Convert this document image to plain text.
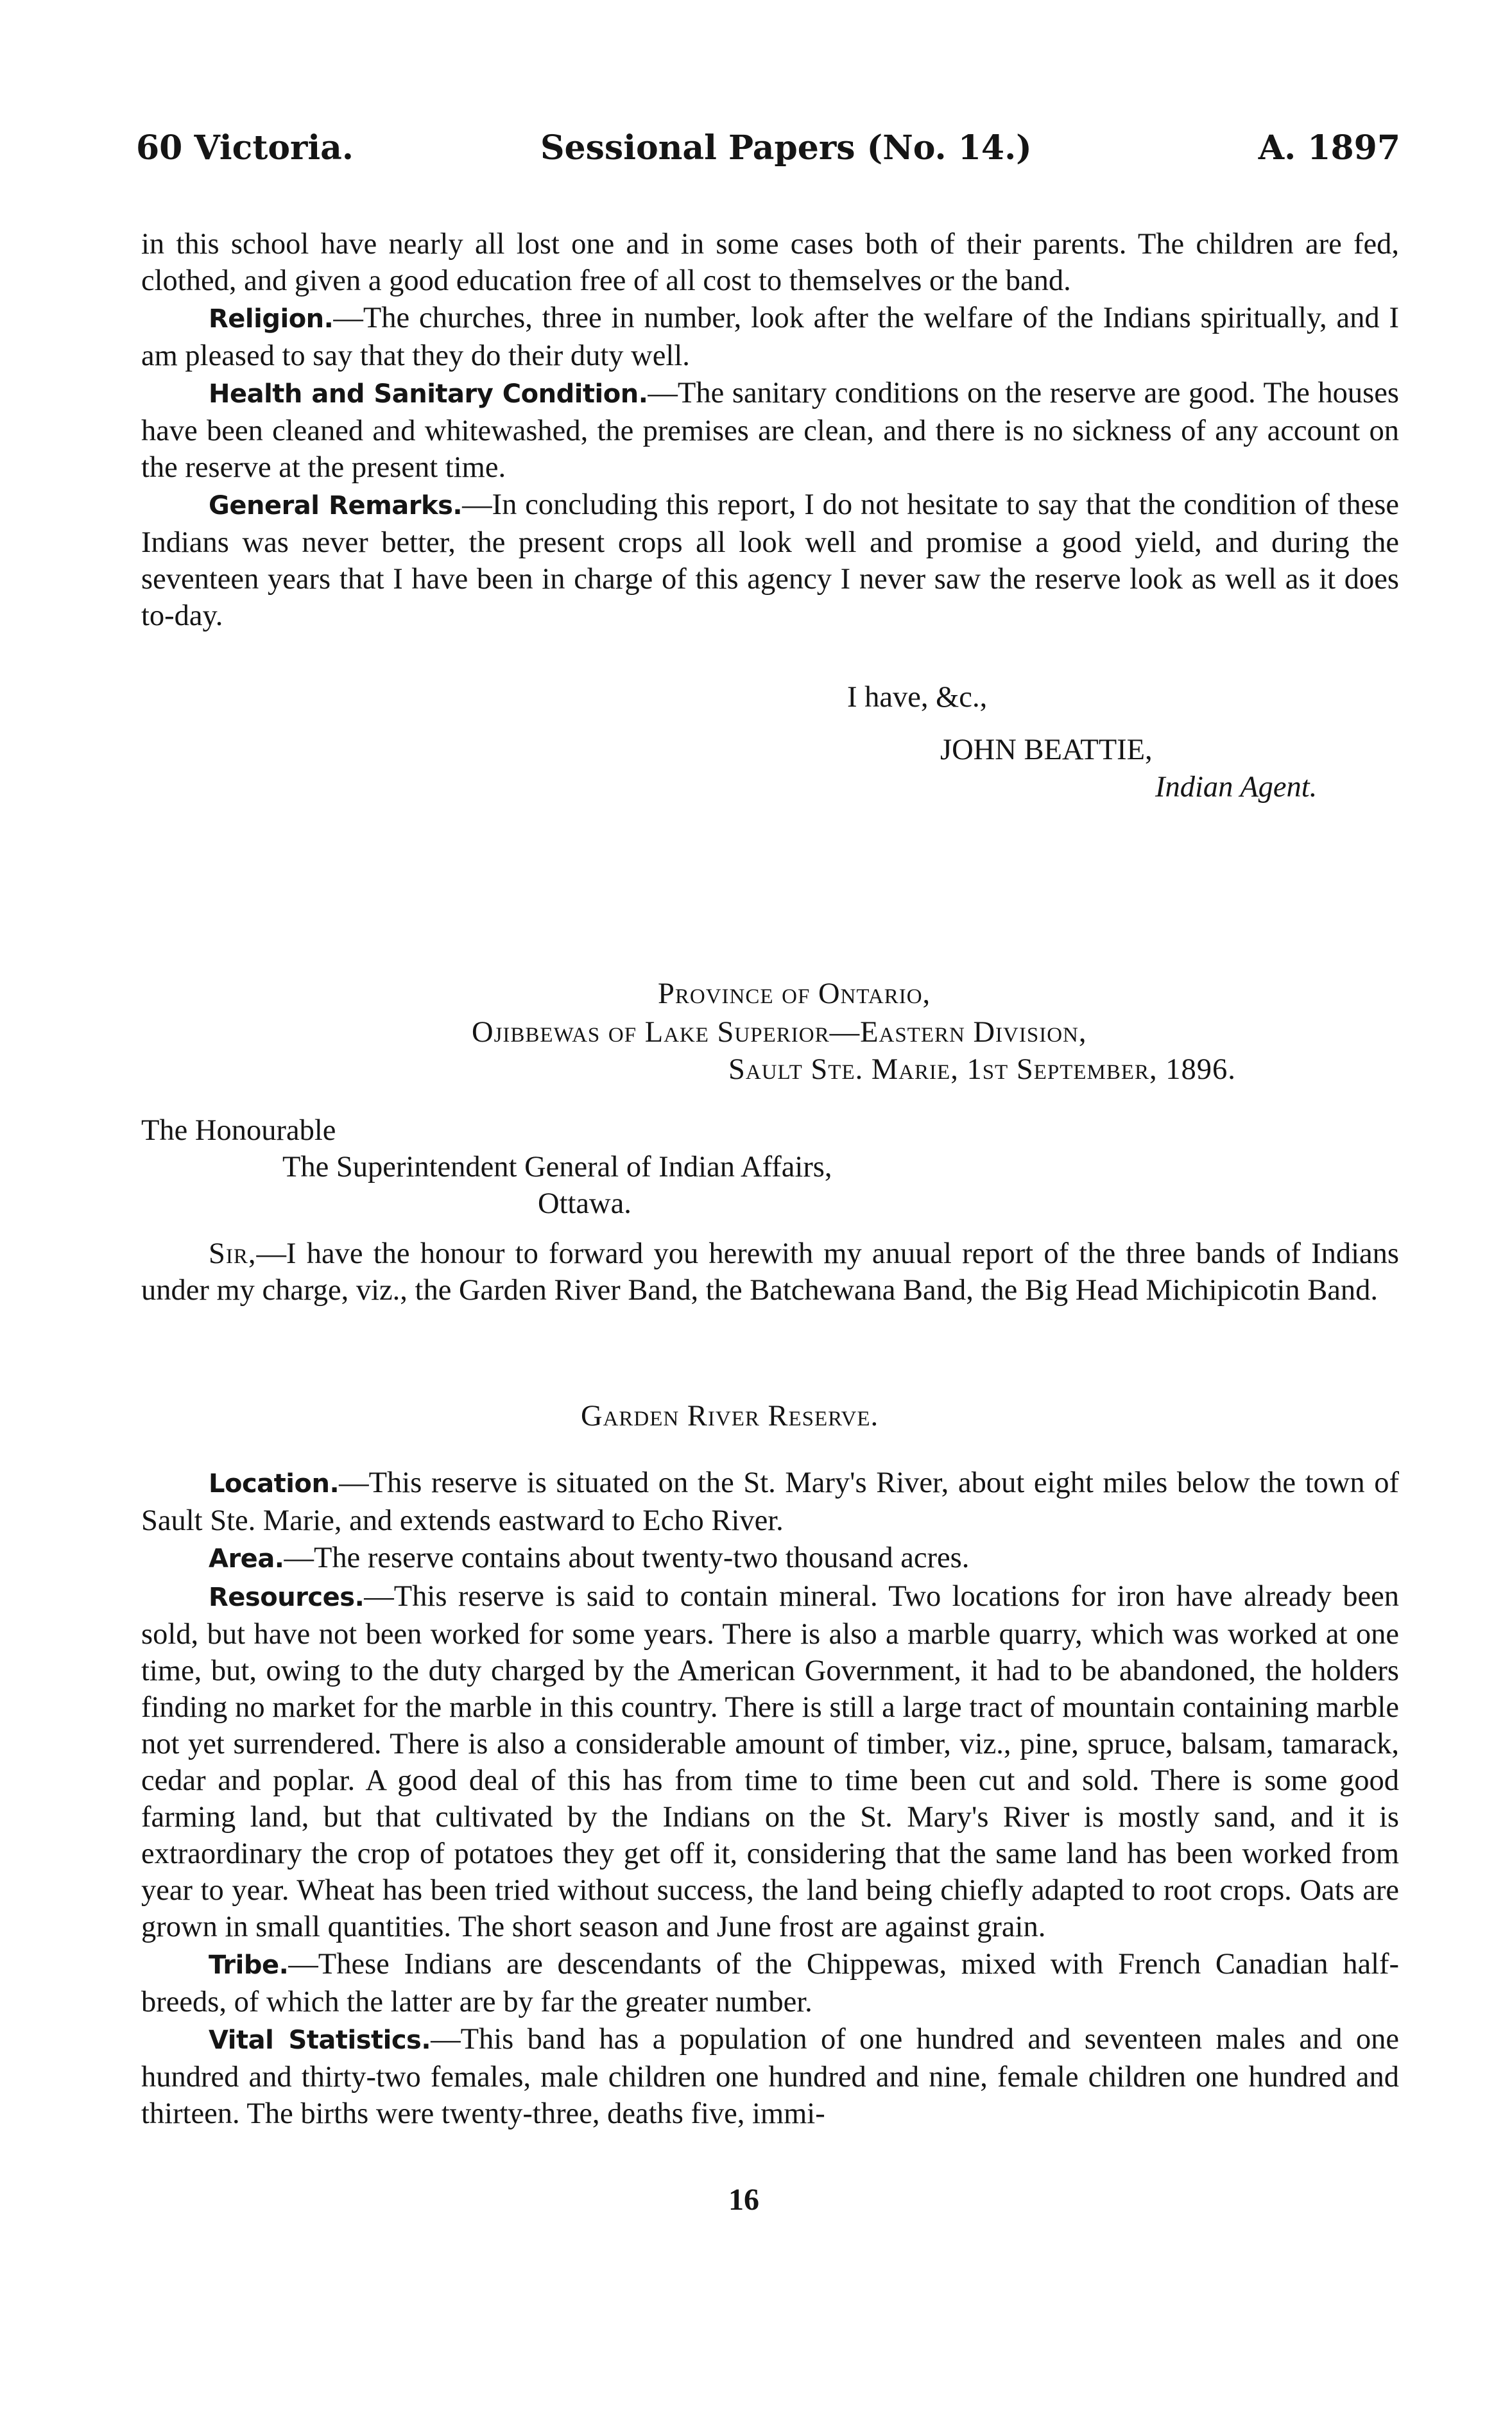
60 Victoria.	Sessional Papers (No. 14.)	A. 1897

in this school have nearly all lost one and in some cases both of their parents. The children are fed, clothed, and given a good education free of all cost to themselves or the band.

Religion.—The churches, three in number, look after the welfare of the Indians spiritually, and I am pleased to say that they do their duty well.

Health and Sanitary Condition.—The sanitary conditions on the reserve are good. The houses have been cleaned and whitewashed, the premises are clean, and there is no sickness of any account on the reserve at the present time.

General Remarks.—In concluding this report, I do not hesitate to say that the condition of these Indians was never better, the present crops all look well and promise a good yield, and during the seventeen years that I have been in charge of this agency I never saw the reserve look as well as it does to-day.

I have, &c.,
JOHN BEATTIE,
Indian Agent.
Province of Ontario,
Ojibbewas of Lake Superior—Eastern Division,
Sault Ste. Marie, 1st September, 1896.
The Honourable
The Superintendent General of Indian Affairs,
Ottawa.

Sir,—I have the honour to forward you herewith my anuual report of the three bands of Indians under my charge, viz., the Garden River Band, the Batchewana Band, the Big Head Michipicotin Band.

Garden River Reserve.

Location.—This reserve is situated on the St. Mary's River, about eight miles below the town of Sault Ste. Marie, and extends eastward to Echo River.

Area.—The reserve contains about twenty-two thousand acres.

Resources.—This reserve is said to contain mineral. Two locations for iron have already been sold, but have not been worked for some years. There is also a marble quarry, which was worked at one time, but, owing to the duty charged by the American Government, it had to be abandoned, the holders finding no market for the marble in this country. There is still a large tract of mountain containing marble not yet surrendered. There is also a considerable amount of timber, viz., pine, spruce, balsam, tamarack, cedar and poplar. A good deal of this has from time to time been cut and sold. There is some good farming land, but that cultivated by the Indians on the St. Mary's River is mostly sand, and it is extraordinary the crop of potatoes they get off it, considering that the same land has been worked from year to year. Wheat has been tried without success, the land being chiefly adapted to root crops. Oats are grown in small quantities. The short season and June frost are against grain.

Tribe.—These Indians are descendants of the Chippewas, mixed with French Canadian half-breeds, of which the latter are by far the greater number.

Vital Statistics.—This band has a population of one hundred and seventeen males and one hundred and thirty-two females, male children one hundred and nine, female children one hundred and thirteen. The births were twenty-three, deaths five, immi-

16
